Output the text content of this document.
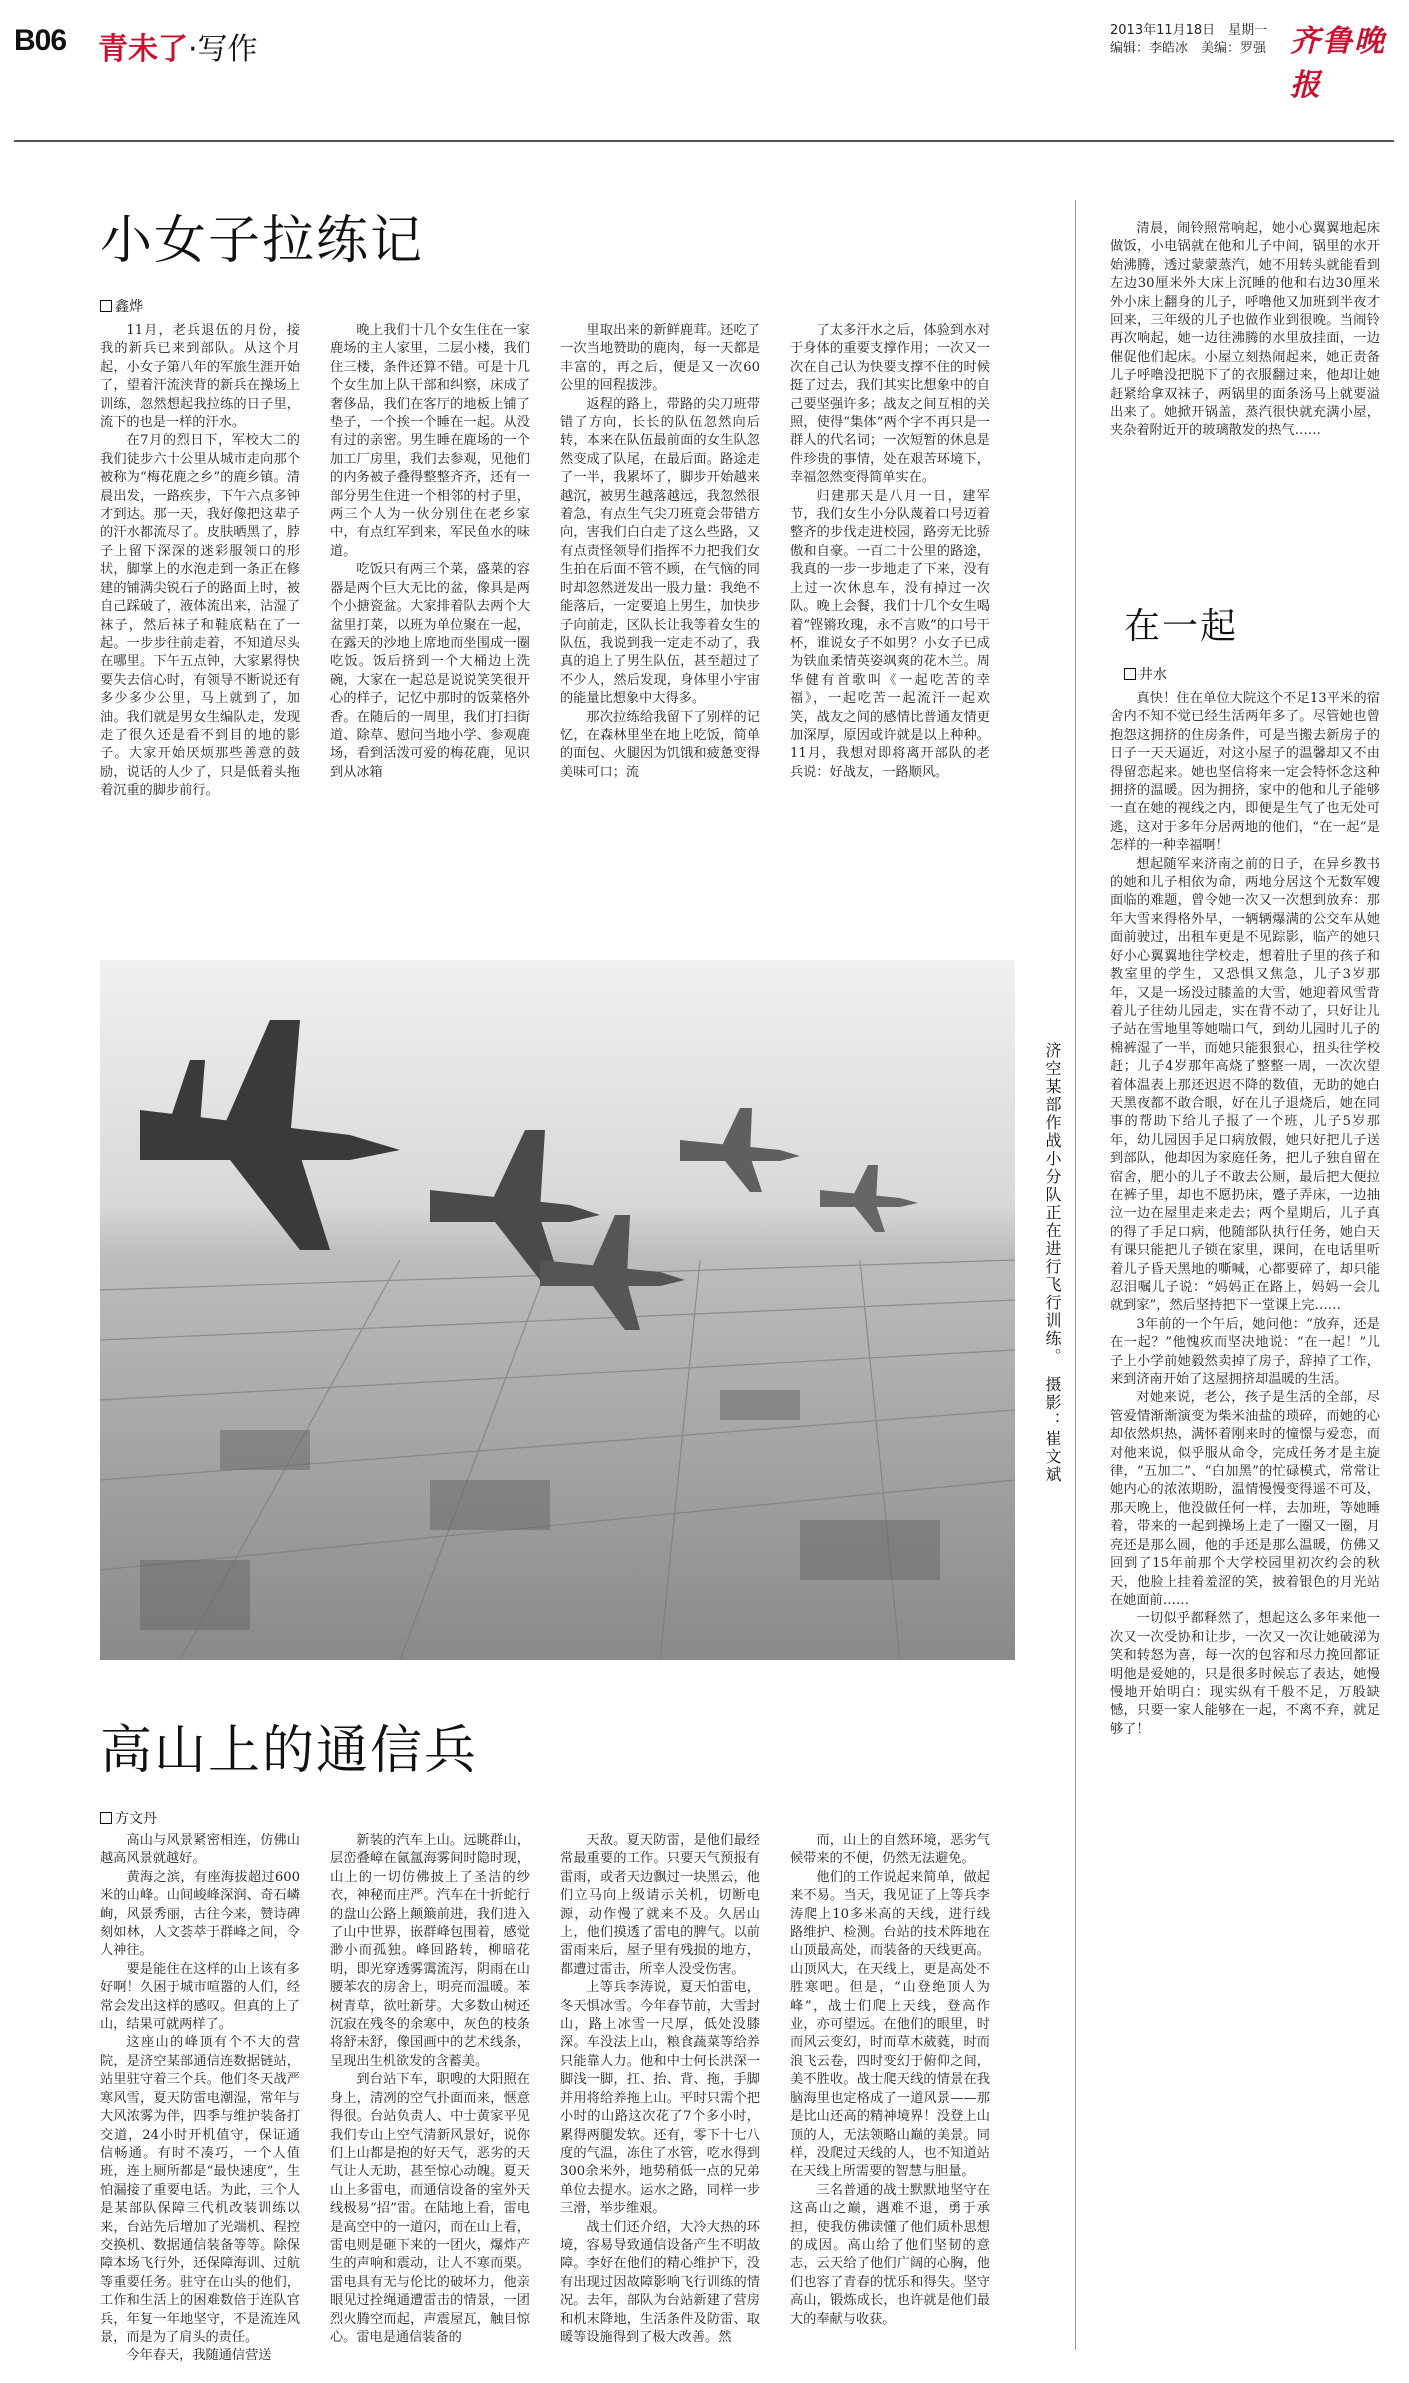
B06 青未了·写作
2013年11月18日　星期一
编辑：李皓冰　美编：罗强 齐鲁晚报
小女子拉练记
鑫烨

11月，老兵退伍的月份，接我的新兵已来到部队。从这个月起，小女子第八年的军旅生涯开始了，望着汗流浃背的新兵在操场上训练，忽然想起我拉练的日子里，流下的也是一样的汗水。

在7月的烈日下，军校大二的我们徒步六十公里从城市走向那个被称为“梅花鹿之乡”的鹿乡镇。清晨出发，一路疾步，下午六点多钟才到达。那一天，我好像把这辈子的汗水都流尽了。皮肤晒黑了，脖子上留下深深的迷彩服领口的形状，脚掌上的水泡走到一条正在修建的铺满尖锐石子的路面上时，被自己踩破了，液体流出来，沾湿了袜子，然后袜子和鞋底粘在了一起。一步步往前走着，不知道尽头在哪里。下午五点钟，大家累得快要失去信心时，有领导不断说还有多少多少公里，马上就到了，加油。我们就是男女生编队走，发现走了很久还是看不到目的地的影子。大家开始厌烦那些善意的鼓励，说话的人少了，只是低着头拖着沉重的脚步前行。

晚上我们十几个女生住在一家鹿场的主人家里，二层小楼，我们住三楼，条件还算不错。可是十几个女生加上队干部和纠察，床成了奢侈品，我们在客厅的地板上铺了垫子，一个挨一个睡在一起。从没有过的亲密。男生睡在鹿场的一个加工厂房里，我们去参观，见他们的内务被子叠得整整齐齐，还有一部分男生住进一个相邻的村子里，两三个人为一伙分别住在老乡家中，有点红军到来，军民鱼水的味道。

吃饭只有两三个菜，盛菜的容器是两个巨大无比的盆，像具是两个小搪瓷盆。大家排着队去两个大盆里打菜，以班为单位聚在一起，在露天的沙地上席地而坐围成一圈吃饭。饭后挤到一个大桶边上洗碗，大家在一起总是说说笑笑很开心的样子，记忆中那时的饭菜格外香。在随后的一周里，我们打扫街道、除草、慰问当地小学、参观鹿场，看到活泼可爱的梅花鹿，见识到从冰箱

里取出来的新鲜鹿茸。还吃了一次当地赞助的鹿肉，每一天都是丰富的，再之后，便是又一次60公里的回程拔涉。

返程的路上，带路的尖刀班带错了方向，长长的队伍忽然向后转，本来在队伍最前面的女生队忽然变成了队尾，在最后面。路途走了一半，我累坏了，脚步开始越来越沉，被男生越落越远，我忽然很着急，有点生气尖刀班竟会带错方向，害我们白白走了这么些路，又有点责怪领导们指挥不力把我们女生拍在后面不管不顾，在气恼的同时却忽然迸发出一股力量：我绝不能落后，一定要追上男生，加快步子向前走，区队长让我等着女生的队伍，我说到我一定走不动了，我真的追上了男生队伍，甚至超过了不少人，然后发现，身体里小宇宙的能量比想象中大得多。

那次拉练给我留下了别样的记忆，在森林里坐在地上吃饭，简单的面包、火腿因为饥饿和疲惫变得美味可口；流

了太多汗水之后，体验到水对于身体的重要支撑作用；一次又一次在自己认为快要支撑不住的时候挺了过去，我们其实比想象中的自己要坚强许多；战友之间互相的关照，使得“集体”两个字不再只是一群人的代名词；一次短暂的休息是件珍贵的事情，处在艰苦环境下，幸福忽然变得简单实在。

归建那天是八月一日，建军节，我们女生小分队蔑着口号迈着整齐的步伐走进校园，路旁无比骄傲和自豪。一百二十公里的路途，我真的一步一步地走了下来，没有上过一次休息车，没有掉过一次队。晚上会餐，我们十几个女生喝着“铿锵玫瑰，永不言败”的口号干杯，谁说女子不如男？小女子已成为铁血柔情英姿飒爽的花木兰。周华健有首歌叫《一起吃苦的幸福》，一起吃苦一起流汗一起欢笑，战友之间的感情比普通友情更加深厚，原因或许就是以上种种。11月，我想对即将离开部队的老兵说：好战友，一路顺风。

清晨，闹铃照常响起，她小心翼翼地起床做饭，小电锅就在他和儿子中间，锅里的水开始沸腾，透过蒙蒙蒸汽，她不用转头就能看到左边30厘米外大床上沉睡的他和右边30厘米外小床上翻身的儿子，呼噜他又加班到半夜才回来，三年级的儿子也做作业到很晚。当闹铃再次响起，她一边往沸腾的水里放挂面，一边催促他们起床。小屋立刻热闹起来，她正责备儿子呼噜没把脱下了的衣服翻过来，他却让她赶紧给拿双袜子，两锅里的面条汤马上就要溢出来了。她掀开锅盖，蒸汽很快就充满小屋，夹杂着附近开的玻璃散发的热气……

济空某部作战小分队正在进行飞行训练。　摄影：崔文斌
高山上的通信兵
方文丹

高山与风景紧密相连，仿佛山越高风景就越好。

黄海之滨，有座海拔超过600米的山峰。山间峻峰深润、奇石嶙峋，风景秀丽，古往今来，赞诗碑刻如林，人文荟萃于群峰之间，令人神往。

要是能住在这样的山上该有多好啊！久困于城市喧嚣的人们，经常会发出这样的感叹。但真的上了山，结果可就两样了。

这座山的峰顶有个不大的营院，是济空某部通信连数据链站，站里驻守着三个兵。他们冬天战严寒风雪，夏天防雷电潮湿，常年与大风浓雾为伴，四季与维护装备打交道，24小时开机值守，保证通信畅通。有时不凑巧，一个人值班，连上厕所都是“最快速度”，生怕漏接了重要电话。为此，三个人是某部队保障三代机改装训练以来，台站先后增加了光端机、程控交换机、数据通信装备等等。除保障本场飞行外，还保障海训、过航等重要任务。驻守在山头的他们，工作和生活上的困难数倍于连队官兵，年复一年地坚守，不是流连风景，而是为了肩头的责任。

今年春天，我随通信营送

新装的汽车上山。远眺群山，层峦叠嶂在氤氲海雾间时隐时现，山上的一切仿佛披上了圣洁的纱衣，神秘而庄严。汽车在十折蛇行的盘山公路上颠簸前进，我们进入了山中世界，嵌群峰包围着，感觉渺小而孤独。峰回路转，柳暗花明，即光穿透雾霭流泻，阴雨在山腰苯农的房舍上，明亮而温暖。苯树青草，欲吐新芽。大多数山树还沉寂在残冬的余寒中，灰色的枝条将舒未舒，像国画中的艺术线条，呈现出生机欲发的含蓄美。

到台站下车，职嗖的大阳照在身上，清冽的空气扑面而来，惬意得很。台站负责人、中士黄家平见我们专山上空气清新风景好，说你们上山都是抱的好天气，恶劣的天气让人无助，甚至惊心动魄。夏天山上多雷电，而通信设备的室外天线极易“招”雷。在陆地上看，雷电是高空中的一道闪，而在山上看，雷电则是砸下来的一团火，爆炸产生的声响和震动，让人不寒而栗。雷电具有无与伦比的破坏力，他亲眼见过拴绳通遭雷击的情景，一团烈火腾空而起，声震屋瓦，触目惊心。雷电是通信装备的

天敌。夏天防雷，是他们最经常最重要的工作。只要天气预报有雷雨，或者天边飘过一块黑云，他们立马向上级请示关机，切断电源，动作慢了就来不及。久居山上，他们摸透了雷电的脾气。以前雷雨来后，屋子里有残损的地方，都遭过雷击，所幸人没受伤害。

上等兵李涛说，夏天怕雷电，冬天惧冰雪。今年春节前，大雪封山，路上冰雪一尺厚，低处没膝深。车没法上山，粮食蔬菜等给养只能靠人力。他和中士何长洪深一脚浅一脚，扛、抬、背、拖，手脚并用将给养拖上山。平时只需个把小时的山路这次花了7个多小时，累得两腿发软。还有，零下十七八度的气温，冻住了水管，吃水得到300余米外，地势稍低一点的兄弟单位去提水。运水之路，同样一步三滑，举步维艰。

战士们还介绍，大冷大热的环境，容易导致通信设备产生不明故障。李好在他们的精心维护下，没有出现过因故障影响飞行训练的情况。去年，部队为台站新建了营房和机末降地，生活条件及防雷、取暖等设施得到了极大改善。然

而，山上的自然环境，恶劣气候带来的不便，仍然无法避免。

他们的工作说起来简单，做起来不易。当天，我见证了上等兵李涛爬上10多米高的天线，进行线路维护、检测。台站的技术阵地在山顶最高处，而装备的天线更高。山顶风大，在天线上，更是高处不胜寒吧。但是，“山登绝顶人为峰”，战士们爬上天线，登高作业，亦可望远。在他们的眼里，时而风云变幻，时而草木葳蕤，时而浪飞云卷，四时变幻于俯仰之间，美不胜收。战士爬天线的情景在我脑海里也定格成了一道风景——那是比山还高的精神境界！没登上山顶的人，无法领略山巅的美景。同样，没爬过天线的人，也不知道站在天线上所需要的智慧与胆量。

三名普通的战士默默地坚守在这高山之巅，遇难不退，勇于承担，使我仿佛读懂了他们质朴思想的成因。高山给了他们坚韧的意志，云天给了他们广阔的心胸，他们也容了青春的忧乐和得失。坚守高山，锻炼成长，也许就是他们最大的奉献与收获。

在一起
井水

真快！住在单位大院这个不足13平米的宿舍内不知不觉已经生活两年多了。尽管她也曾抱怨这拥挤的住房条件，可是当搬去新房子的日子一天天逼近，对这小屋子的温馨却又不由得留恋起来。她也坚信将来一定会特怀念这种拥挤的温暖。因为拥挤，家中的他和儿子能够一直在她的视线之内，即便是生气了也无处可逃，这对于多年分居两地的他们，“在一起”是怎样的一种幸福啊！

想起随军来济南之前的日子，在异乡教书的她和儿子相依为命，两地分居这个无数军嫂面临的难题，曾令她一次又一次想到放弃：那年大雪来得格外早，一辆辆爆满的公交车从她面前驶过，出租车更是不见踪影，临产的她只好小心翼翼地往学校走，想着肚子里的孩子和教室里的学生，又恐惧又焦急，儿子3岁那年，又是一场没过膝盖的大雪，她迎着风雪背着儿子往幼儿园走，实在背不动了，只好让儿子站在雪地里等她喘口气，到幼儿园时儿子的棉裤湿了一半，而她只能狠狠心，扭头往学校赶；儿子4岁那年高烧了整整一周，一次次望着体温表上那还迟迟不降的数值，无助的她白天黑夜都不敢合眼，好在儿子退烧后，她在同事的帮助下给儿子报了一个班，儿子5岁那年，幼儿园因手足口病放假，她只好把儿子送到部队，他却因为家庭任务，把儿子独自留在宿舍，肥小的儿子不敢去公厕，最后把大便拉在裤子里，却也不愿扔床，蹙子弄床，一边抽泣一边在屋里走来走去；两个星期后，儿子真的得了手足口病，他随部队执行任务，她白天有课只能把儿子锁在家里，课间，在电话里听着儿子昏天黑地的嘶喊，心都要碎了，却只能忍泪嘱儿子说：“妈妈正在路上，妈妈一会儿就到家”，然后坚持把下一堂课上完……

3年前的一个午后，她问他：“放弃，还是在一起？”他愧疚而坚决地说：“在一起！”儿子上小学前她毅然卖掉了房子，辞掉了工作，来到济南开始了这屋拥挤却温暖的生活。

对她来说，老公，孩子是生活的全部，尽管爱情渐渐演变为柴米油盐的琐碎，而她的心却依然炽热，满怀着刚来时的憧憬与爱恋，而对他来说，似乎服从命令，完成任务才是主旋律，“五加二”、“白加黑”的忙碌模式，常常让她内心的浓浓期盼，温情慢慢变得遥不可及，那天晚上，他没做任何一样，去加班，等她睡着，带来的一起到操场上走了一圈又一圈，月亮还是那么圆，他的手还是那么温暖，仿佛又回到了15年前那个大学校园里初次约会的秋天，他脸上挂着羞涩的笑，披着银色的月光站在她面前……

一切似乎都释然了，想起这么多年来他一次又一次受协和让步，一次又一次让她破涕为笑和转怒为喜，每一次的包容和尽力挽回都证明他是爱她的，只是很多时候忘了表达，她慢慢地开始明白：现实纵有千般不足，万般缺憾，只要一家人能够在一起，不离不弃，就足够了！
